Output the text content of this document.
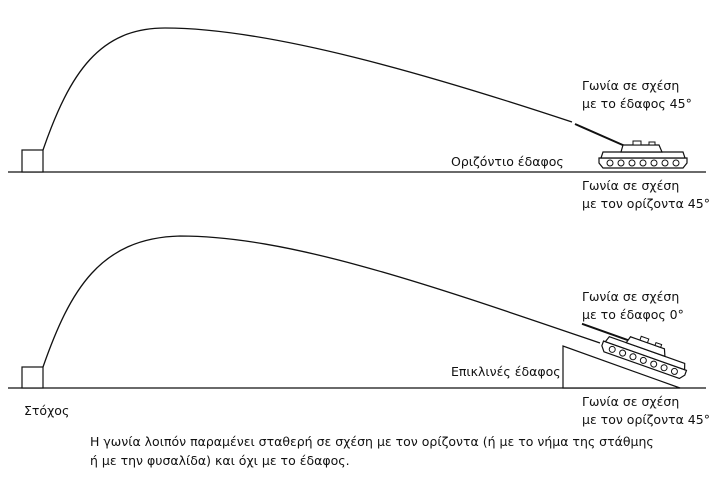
Γωνία σε σχέση
με το έδαφος 45°
Οριζόντιο έδαφος
Γωνία σε σχέση
με τον ορίζοντα 45°
Γωνία σε σχέση
με το έδαφος 0°
Επικλινές έδαφος
Γωνία σε σχέση
με τον ορίζοντα 45°
Στόχος
Η γωνία λοιπόν παραμένει σταθερή σε σχέση με τον ορίζοντα (ή με το νήμα της στάθμης
ή με την φυσαλίδα) και όχι με το έδαφος.
